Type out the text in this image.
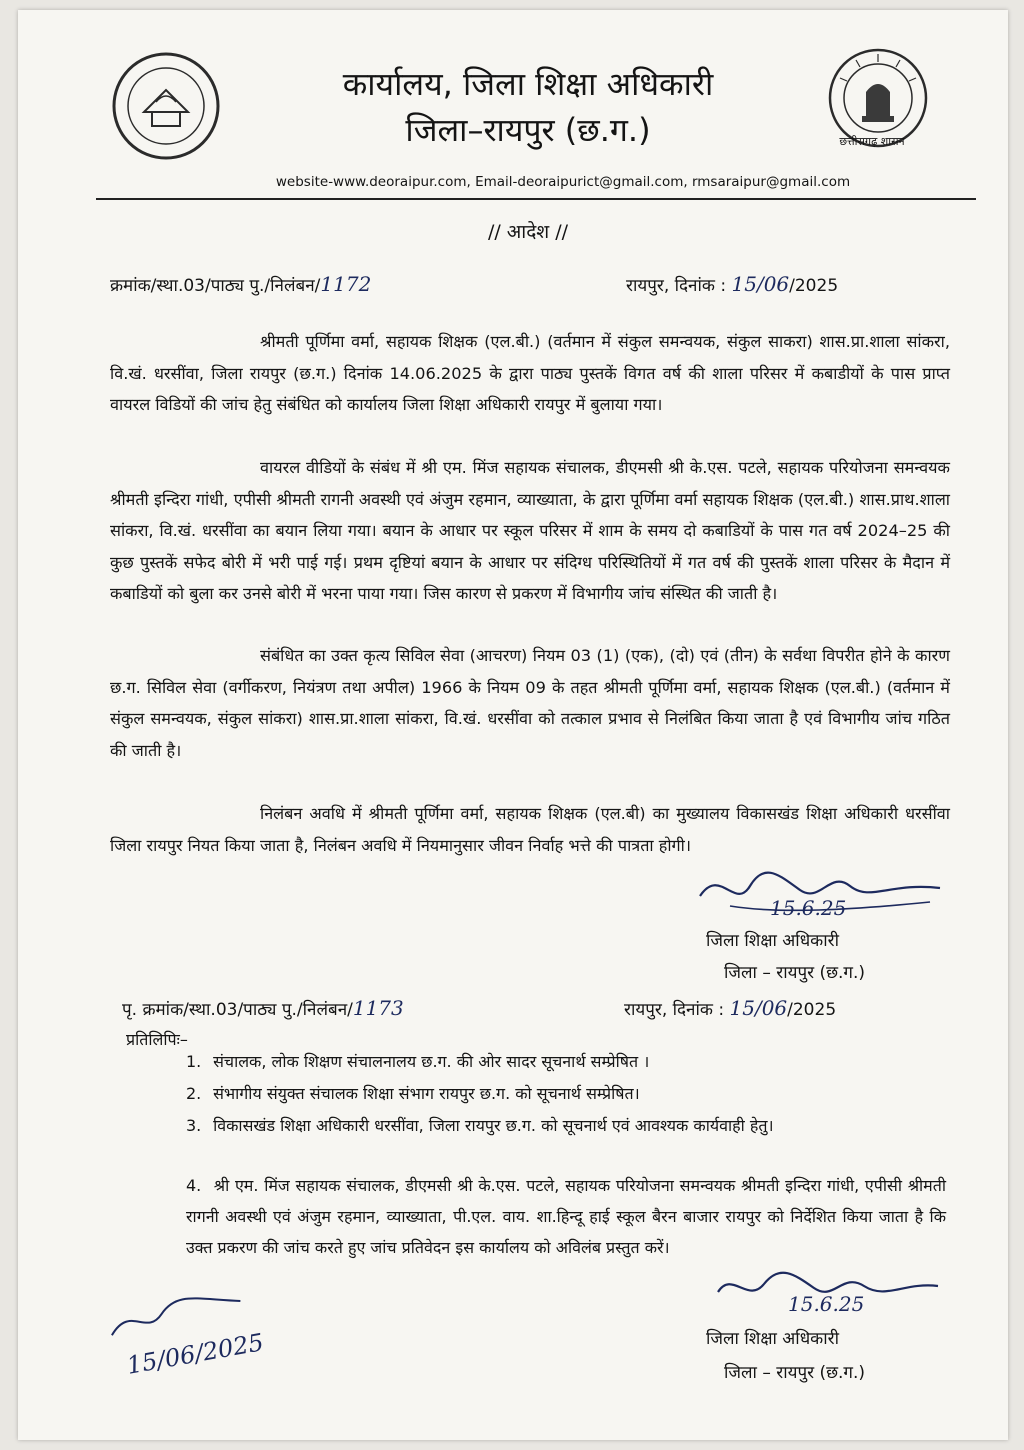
छत्तीसगढ़ शासन
कार्यालय, जिला शिक्षा अधिकारी
जिला–रायपुर (छ.ग.)
website-www.deoraipur.com, Email-deoraipurict@gmail.com, rmsaraipur@gmail.com
// आदेश //
क्रमांक/स्था.03/पाठ्य पु./निलंबन/1172	रायपुर, दिनांक : 15/06/2025
श्रीमती पूर्णिमा वर्मा, सहायक शिक्षक (एल.बी.) (वर्तमान में संकुल समन्वयक, संकुल साकरा) शास.प्रा.शाला सांकरा, वि.खं. धरसींवा, जिला रायपुर (छ.ग.) दिनांक 14.06.2025 के द्वारा पाठ्य पुस्तकें विगत वर्ष की शाला परिसर में कबाडीयों के पास प्राप्त वायरल विडियों की जांच हेतु संबंधित को कार्यालय जिला शिक्षा अधिकारी रायपुर में बुलाया गया।
वायरल वीडियों के संबंध में श्री एम. मिंज सहायक संचालक, डीएमसी श्री के.एस. पटले, सहायक परियोजना समन्वयक श्रीमती इन्दिरा गांधी, एपीसी श्रीमती रागनी अवस्थी एवं अंजुम रहमान, व्याख्याता, के द्वारा पूर्णिमा वर्मा सहायक शिक्षक (एल.बी.) शास.प्राथ.शाला सांकरा, वि.खं. धरसींवा का बयान लिया गया। बयान के आधार पर स्कूल परिसर में शाम के समय दो कबाडियों के पास गत वर्ष 2024–25 की कुछ पुस्तकें सफेद बोरी में भरी पाई गई। प्रथम दृष्टियां बयान के आधार पर संदिग्ध परिस्थितियों में गत वर्ष की पुस्तकें शाला परिसर के मैदान में कबाडियों को बुला कर उनसे बोरी में भरना पाया गया। जिस कारण से प्रकरण में विभागीय जांच संस्थित की जाती है।
संबंधित का उक्त कृत्य सिविल सेवा (आचरण) नियम 03 (1) (एक), (दो) एवं (तीन) के सर्वथा विपरीत होने के कारण छ.ग. सिविल सेवा (वर्गीकरण, नियंत्रण तथा अपील) 1966 के नियम 09 के तहत श्रीमती पूर्णिमा वर्मा, सहायक शिक्षक (एल.बी.) (वर्तमान में संकुल समन्वयक, संकुल सांकरा) शास.प्रा.शाला सांकरा, वि.खं. धरसींवा को तत्काल प्रभाव से निलंबित किया जाता है एवं विभागीय जांच गठित की जाती है।
निलंबन अवधि में श्रीमती पूर्णिमा वर्मा, सहायक शिक्षक (एल.बी) का मुख्यालय विकासखंड शिक्षा अधिकारी धरसींवा जिला रायपुर नियत किया जाता है, निलंबन अवधि में नियमानुसार जीवन निर्वाह भत्ते की पात्रता होगी।
15.6.25
जिला शिक्षा अधिकारी
जिला – रायपुर (छ.ग.)
पृ. क्रमांक/स्था.03/पाठ्य पु./निलंबन/1173	रायपुर, दिनांक : 15/06/2025
प्रतिलिपिः–
1. संचालक, लोक शिक्षण संचालनालय छ.ग. की ओर सादर सूचनार्थ सम्प्रेषित ।
2. संभागीय संयुक्त संचालक शिक्षा संभाग रायपुर छ.ग. को सूचनार्थ सम्प्रेषित।
3. विकासखंड शिक्षा अधिकारी धरसींवा, जिला रायपुर छ.ग. को सूचनार्थ एवं आवश्यक कार्यवाही हेतु।
4. श्री एम. मिंज सहायक संचालक, डीएमसी श्री के.एस. पटले, सहायक परियोजना समन्वयक श्रीमती इन्दिरा गांधी, एपीसी श्रीमती रागनी अवस्थी एवं अंजुम रहमान, व्याख्याता, पी.एल. वाय. शा.हिन्दू हाई स्कूल बैरन बाजार रायपुर को निर्देशित किया जाता है कि उक्त प्रकरण की जांच करते हुए जांच प्रतिवेदन इस कार्यालय को अविलंब प्रस्तुत करें।
15.6.25
जिला शिक्षा अधिकारी
जिला – रायपुर (छ.ग.)
15/06/2025
